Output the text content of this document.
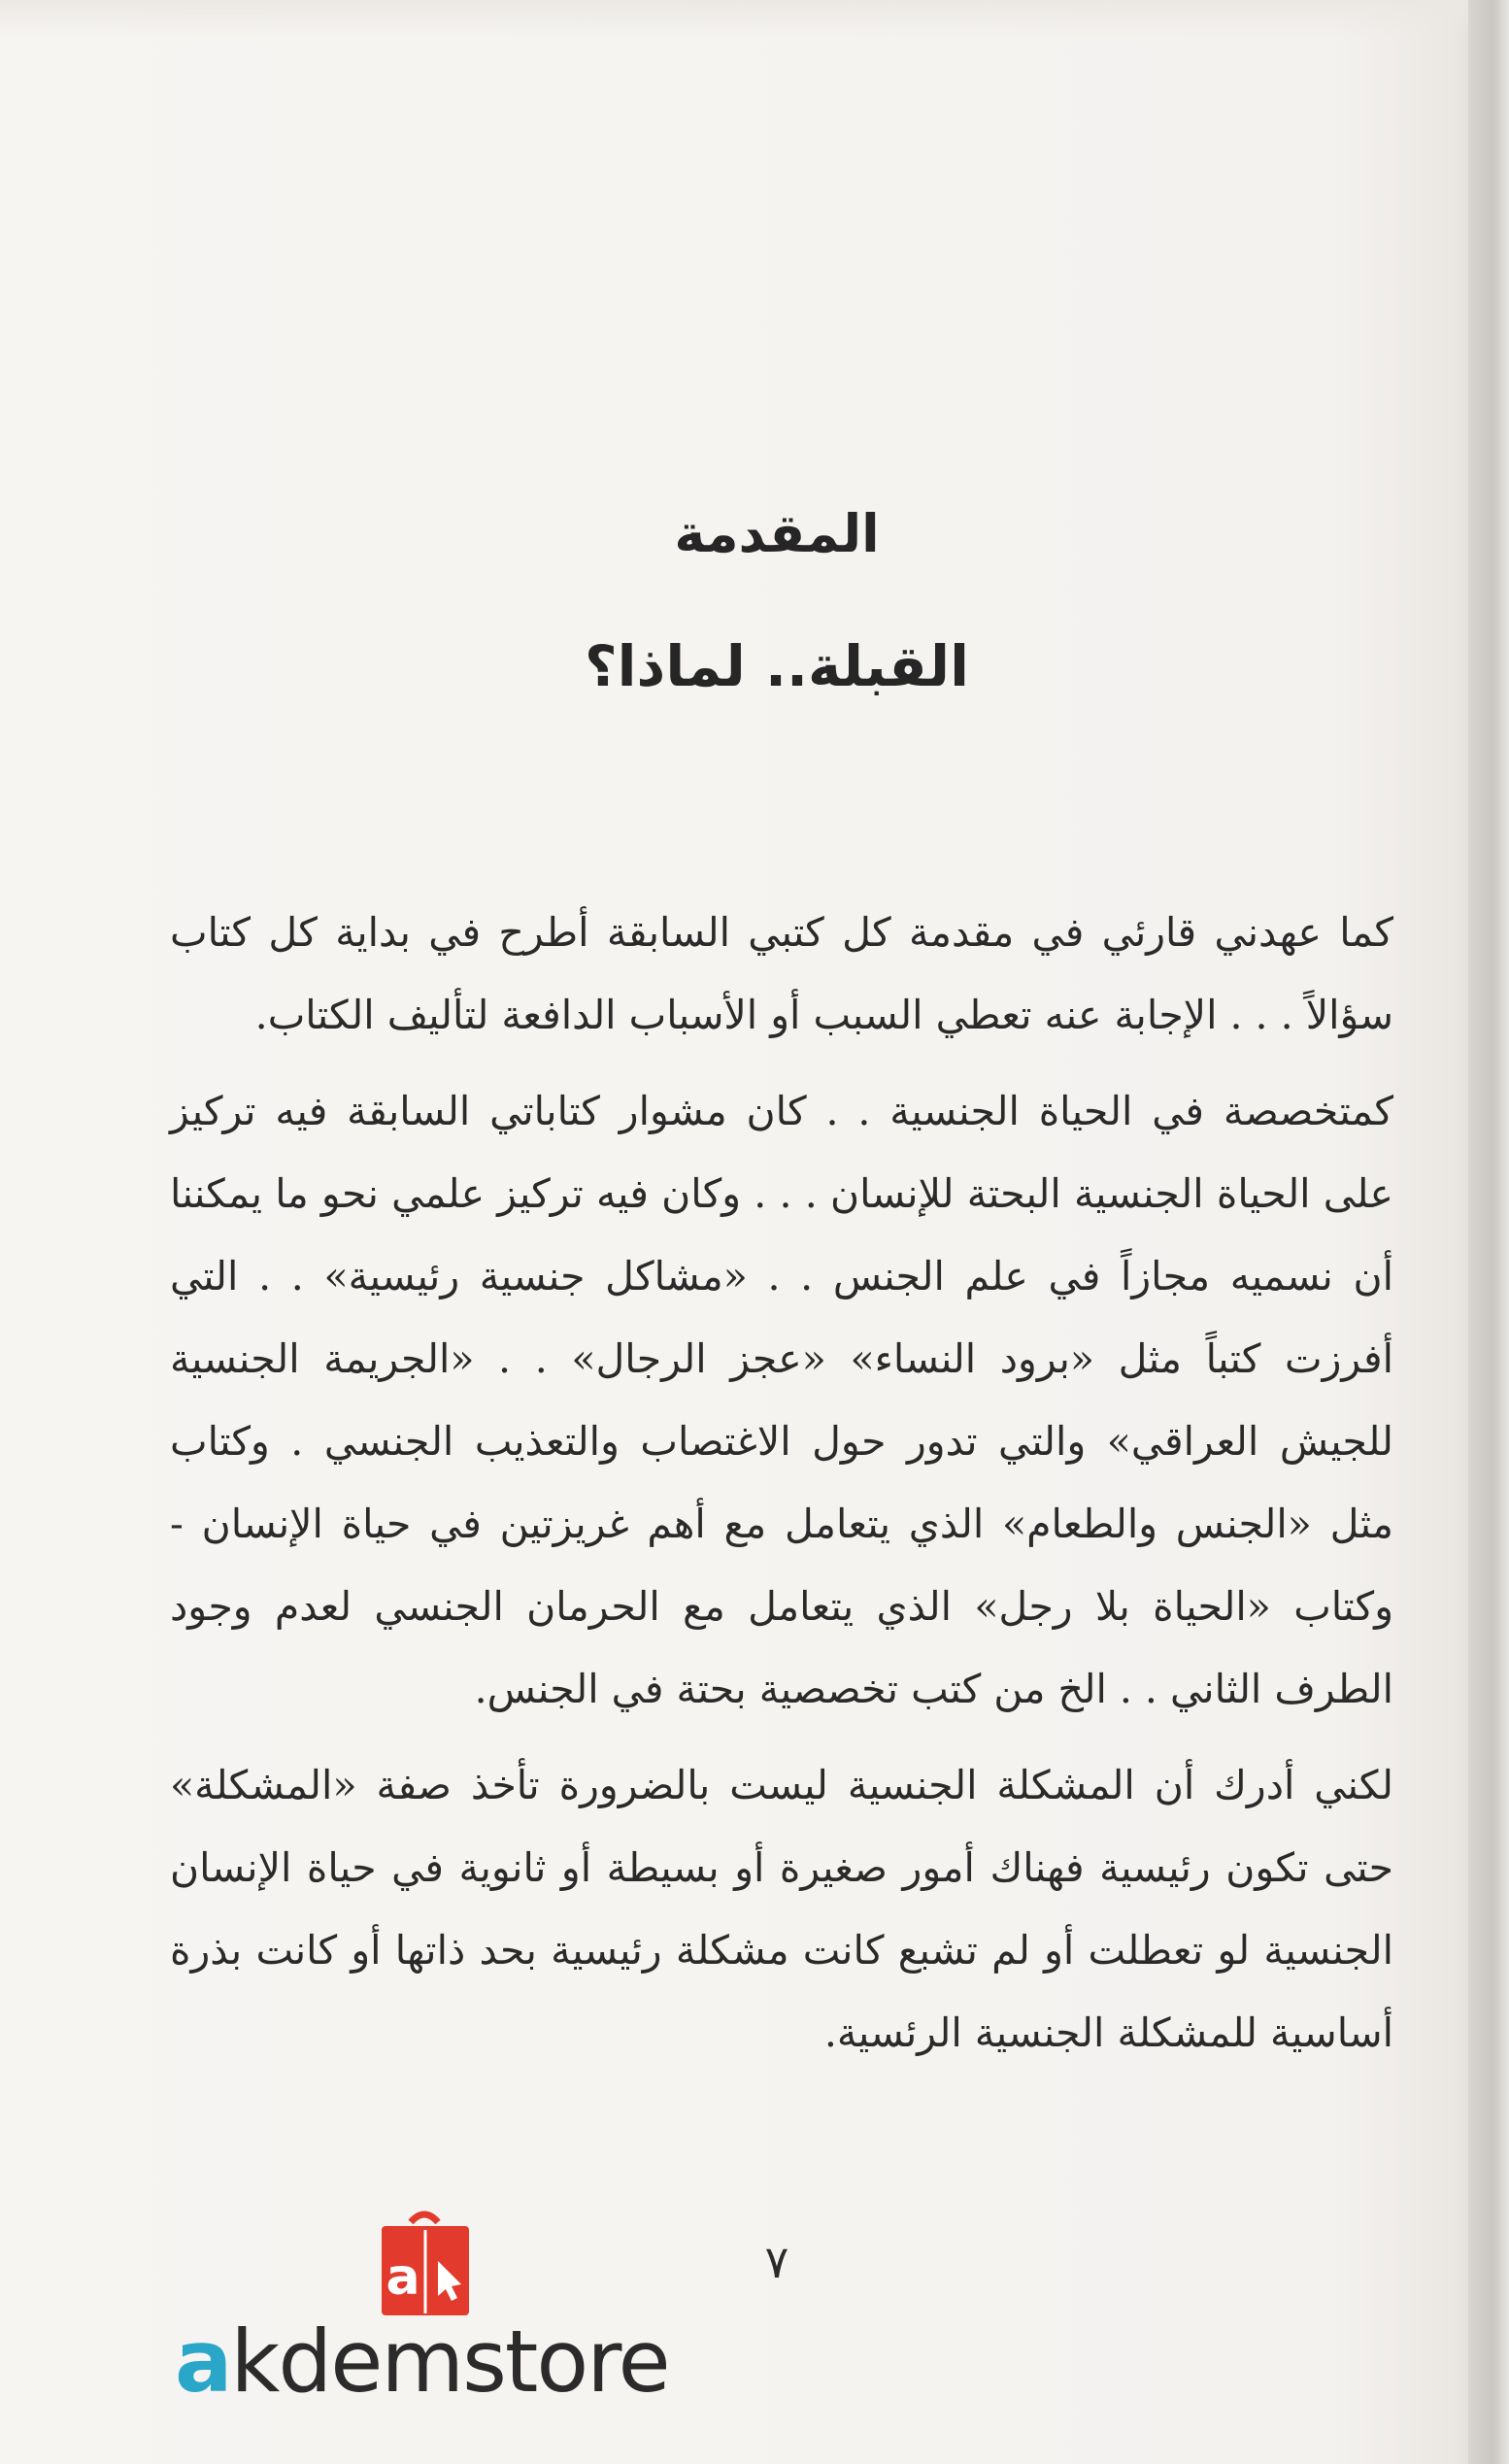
المقدمة
القبلة.. لماذا؟

كما عهدني قارئي في مقدمة كل كتبي السابقة أطرح في بداية كل كتاب سؤالاً . . . الإجابة عنه تعطي السبب أو الأسباب الدافعة لتأليف الكتاب.

كمتخصصة في الحياة الجنسية . . كان مشوار كتاباتي السابقة فيه تركيز على الحياة الجنسية البحتة للإنسان . . . وكان فيه تركيز علمي نحو ما يمكننا أن نسميه مجازاً في علم الجنس . . «مشاكل جنسية رئيسية» . . التي أفرزت كتباً مثل «برود النساء» «عجز الرجال» . . «الجريمة الجنسية للجيش العراقي» والتي تدور حول الاغتصاب والتعذيب الجنسي . وكتاب مثل «الجنس والطعام» الذي يتعامل مع أهم غريزتين في حياة الإنسان - وكتاب «الحياة بلا رجل» الذي يتعامل مع الحرمان الجنسي لعدم وجود الطرف الثاني . . الخ من كتب تخصصية بحتة في الجنس.

لكني أدرك أن المشكلة الجنسية ليست بالضرورة تأخذ صفة «المشكلة» حتى تكون رئيسية فهناك أمور صغيرة أو بسيطة أو ثانوية في حياة الإنسان الجنسية لو تعطلت أو لم تشبع كانت مشكلة رئيسية بحد ذاتها أو كانت بذرة أساسية للمشكلة الجنسية الرئسية.

٧
a
akdemstore
